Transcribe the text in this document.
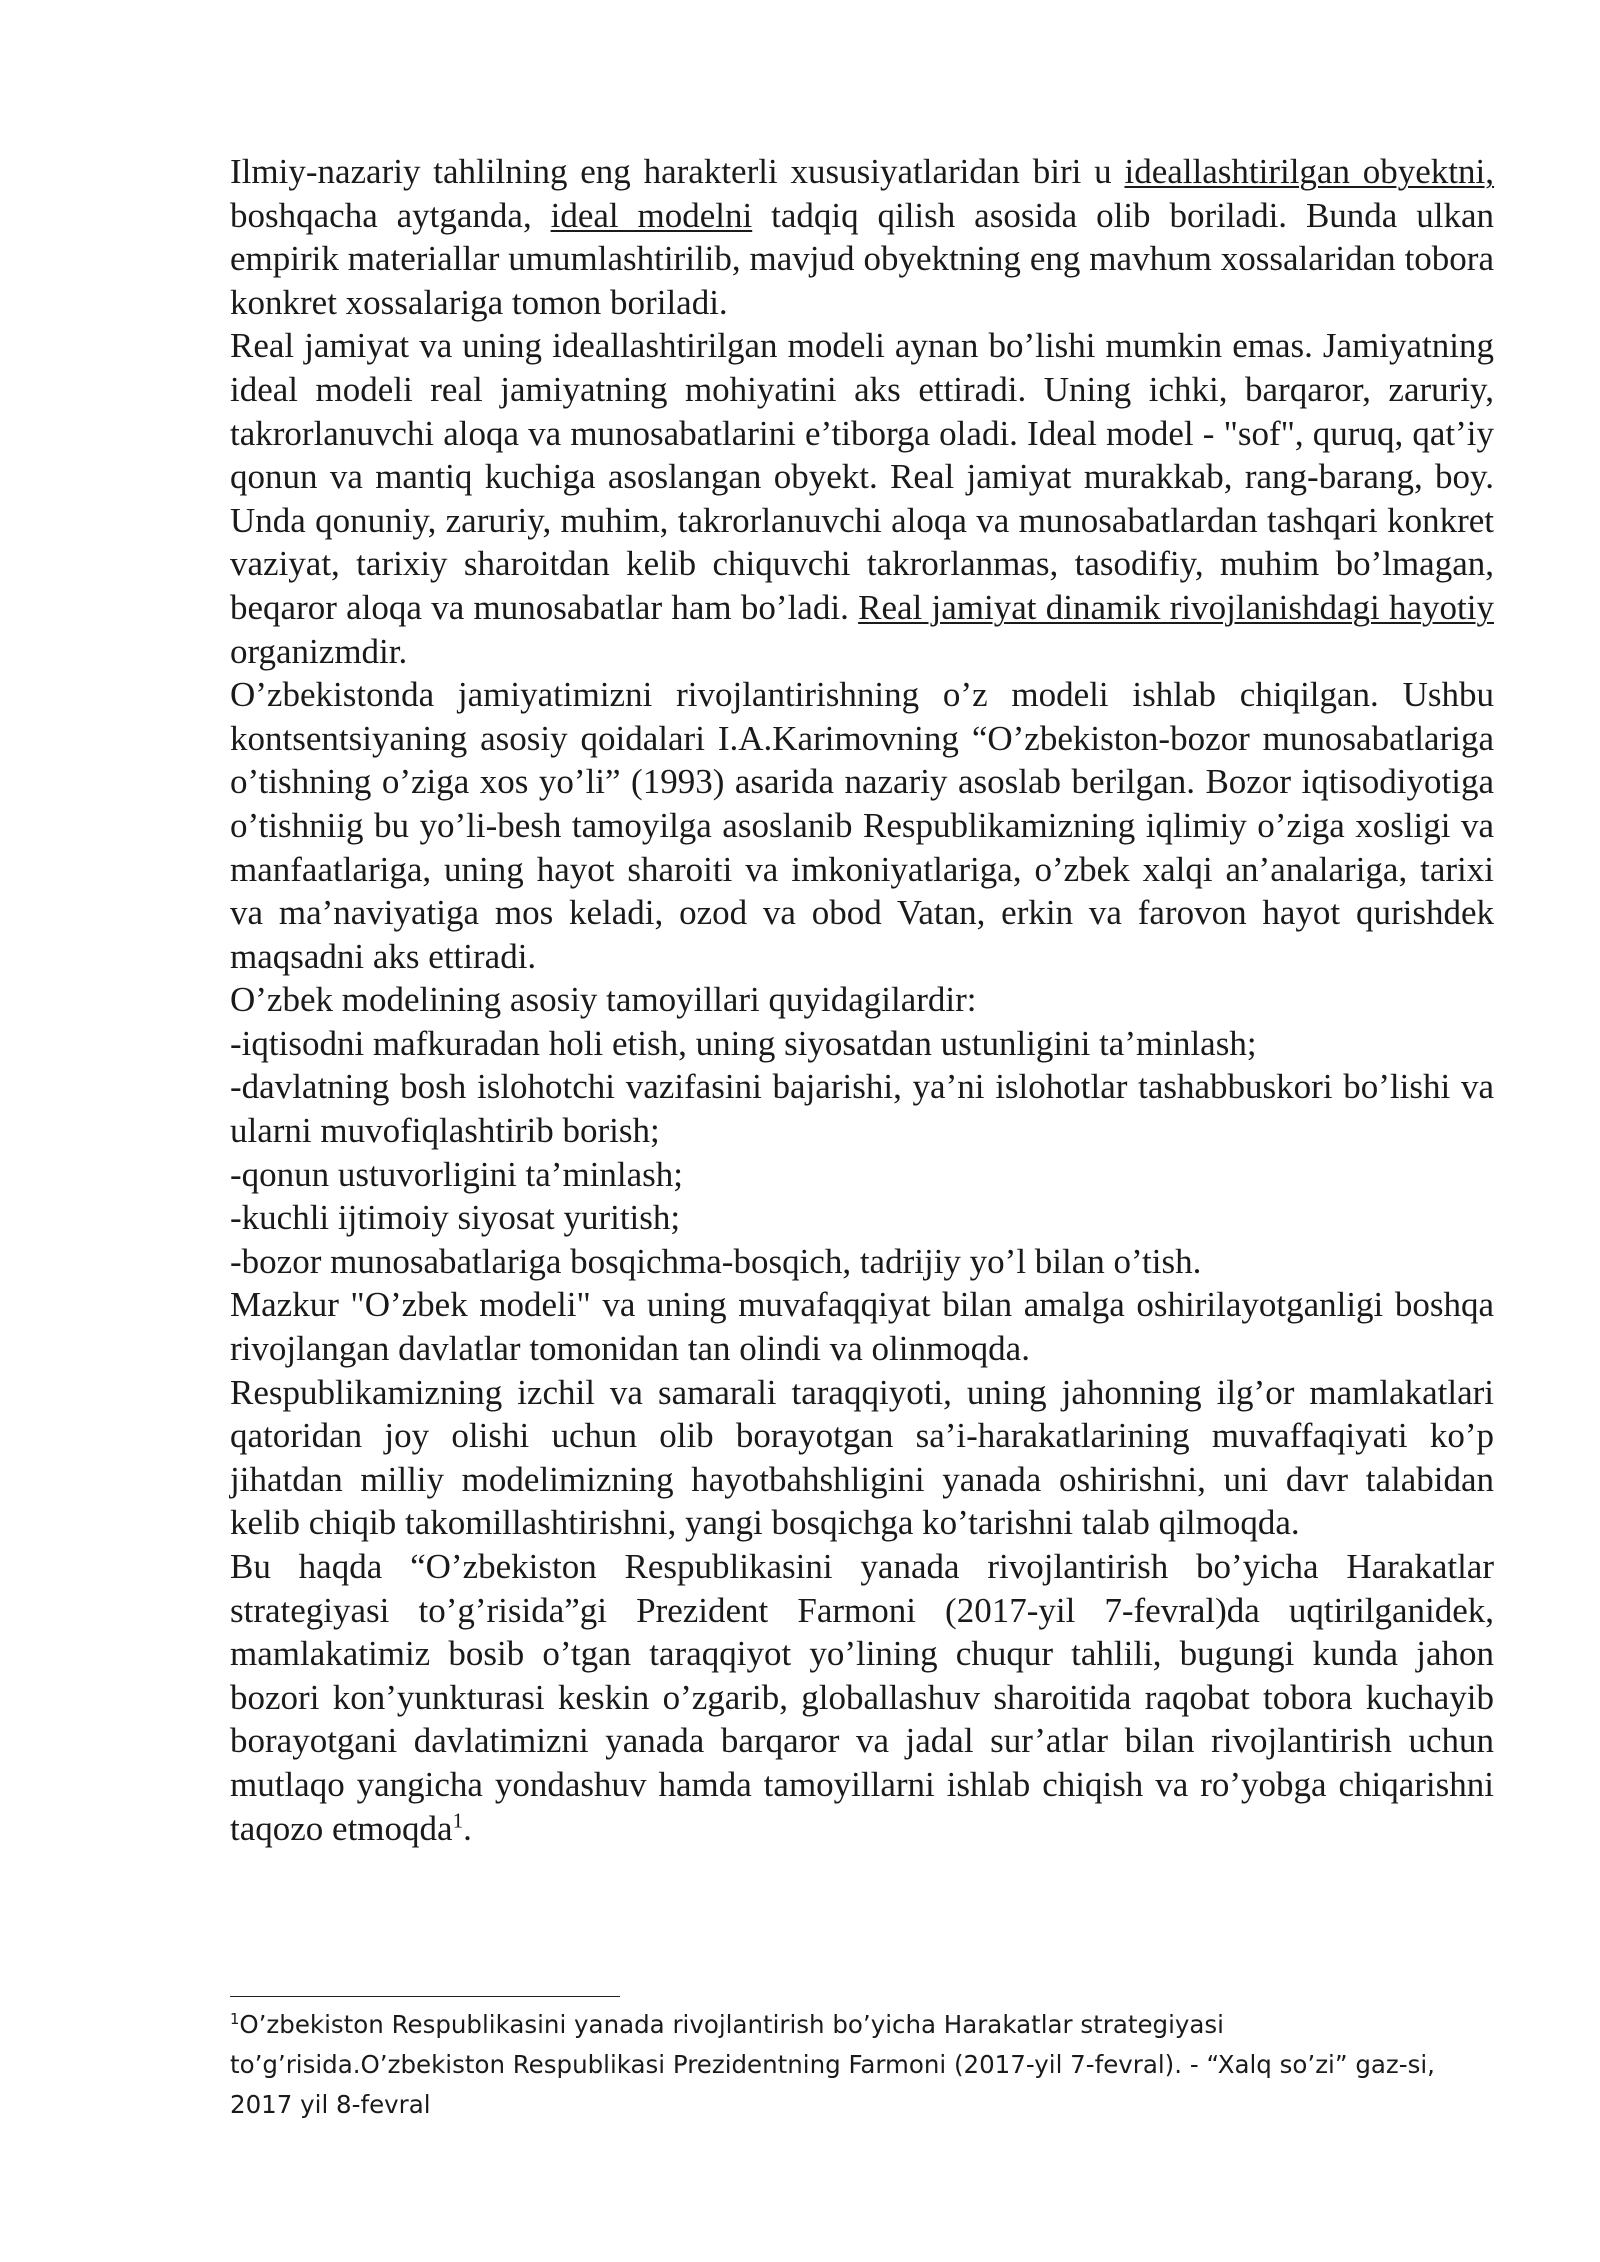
Ilmiy-nazariy tahlilning eng harakterli xususiyatlaridan biri u ideallashtirilgan obyektni, boshqacha aytganda, ideal modelni tadqiq qilish asosida olib boriladi. Bunda ulkan empirik materiallar umumlashtirilib, mavjud obyektning eng mavhum xossalaridan tobora konkret xossalariga tomon boriladi.

Real jamiyat va uning ideallashtirilgan modeli aynan bo’lishi mumkin emas. Jamiyatning ideal modeli real jamiyatning mohiyatini aks ettiradi. Uning ichki, barqaror, zaruriy, takrorlanuvchi aloqa va munosabatlarini e’tiborga oladi. Ideal model - "sof", quruq, qat’iy qonun va mantiq kuchiga asoslangan obyekt. Real jamiyat murakkab, rang-barang, boy. Unda qonuniy, zaruriy, muhim, takrorlanuvchi aloqa va munosabatlardan tashqari konkret vaziyat, tarixiy sharoitdan kelib chiquvchi takrorlanmas, tasodifiy, muhim bo’lmagan, beqaror aloqa va munosabatlar ham bo’ladi. Real jamiyat dinamik rivojlanishdagi hayotiy organizmdir.

O’zbekistonda jamiyatimizni rivojlantirishning o’z modeli ishlab chiqilgan. Ushbu kontsentsiyaning asosiy qoidalari I.A.Karimovning “O’zbekiston-bozor munosabatlariga o’tishning o’ziga xos yo’li” (1993) asarida nazariy asoslab berilgan. Bozor iqtisodiyotiga o’tishniig bu yo’li-besh tamoyilga asoslanib Respublikamizning iqlimiy o’ziga xosligi va manfaatlariga, uning hayot sharoiti va imkoniyatlariga, o’zbek xalqi an’analariga, tarixi va ma’naviyatiga mos keladi, ozod va obod Vatan, erkin va farovon hayot qurishdek maqsadni aks ettiradi.

O’zbek modelining asosiy tamoyillari quyidagilardir:

-iqtisodni mafkuradan holi etish, uning siyosatdan ustunligini ta’minlash;

-davlatning bosh islohotchi vazifasini bajarishi, ya’ni islohotlar tashabbuskori bo’lishi va ularni muvofiqlashtirib borish;

-qonun ustuvorligini ta’minlash;

-kuchli ijtimoiy siyosat yuritish;

-bozor munosabatlariga bosqichma-bosqich, tadrijiy yo’l bilan o’tish.

Mazkur "O’zbek modeli" va uning muvafaqqiyat bilan amalga oshirilayotganligi boshqa rivojlangan davlatlar tomonidan tan olindi va olinmoqda.

Respublikamizning izchil va samarali taraqqiyoti, uning jahonning ilg’or mamlakatlari qatoridan joy olishi uchun olib borayotgan sa’i-harakatlarining muvaffaqiyati ko’p jihatdan milliy modelimizning hayotbahshligini yanada oshirishni, uni davr talabidan kelib chiqib takomillashtirishni, yangi bosqichga ko’tarishni talab qilmoqda.

Bu haqda “O’zbekiston Respublikasini yanada rivojlantirish bo’yicha Harakatlar strategiyasi to’g’risida”gi Prezident Farmoni (2017-yil 7-fevral)da uqtirilganidek, mamlakatimiz bosib o’tgan taraqqiyot yo’lining chuqur tahlili, bugungi kunda jahon bozori kon’yunkturasi keskin o’zgarib, globallashuv sharoitida raqobat tobora kuchayib borayotgani davlatimizni yanada barqaror va jadal sur’atlar bilan rivojlantirish uchun mutlaqo yangicha yondashuv hamda tamoyillarni ishlab chiqish va ro’yobga chiqarishni taqozo etmoqda$^1$.

$^1$O’zbekiston Respublikasini yanada rivojlantirish bo’yicha Harakatlar strategiyasi to’g’risida.O’zbekiston Respublikasi Prezidentning Farmoni (2017-yil 7-fevral). - “Xalq so’zi” gaz-si, 2017 yil 8-fevral
